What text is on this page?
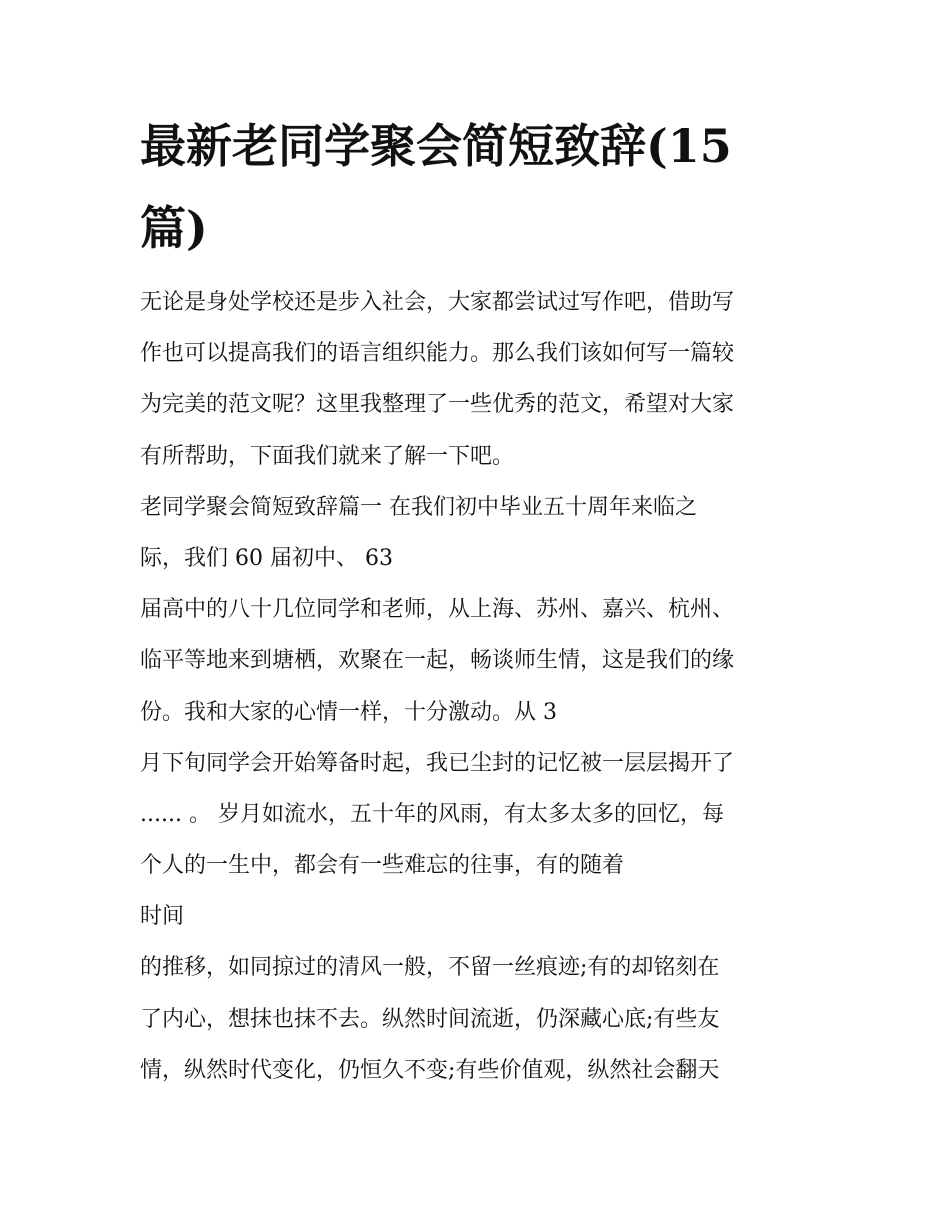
最新老同学聚会简短致辞(15
篇)
无论是身处学校还是步入社会，大家都尝试过写作吧，借助写
作也可以提高我们的语言组织能力。那么我们该如何写一篇较
为完美的范文呢？这里我整理了一些优秀的范文，希望对大家
有所帮助，下面我们就来了解一下吧。
老同学聚会简短致辞篇一 在我们初中毕业五十周年来临之
际，我们 60 届初中、 63
届高中的八十几位同学和老师，从上海、苏州、嘉兴、杭州、
临平等地来到塘栖，欢聚在一起，畅谈师生情，这是我们的缘
份。我和大家的心情一样，十分激动。从 3
月下旬同学会开始筹备时起，我已尘封的记忆被一层层揭开了
...... 。 岁月如流水，五十年的风雨，有太多太多的回忆，每
个人的一生中，都会有一些难忘的往事，有的随着
时间
的推移，如同掠过的清风一般，不留一丝痕迹;有的却铭刻在
了内心，想抹也抹不去。纵然时间流逝，仍深藏心底;有些友
情，纵然时代变化，仍恒久不变;有些价值观，纵然社会翻天
